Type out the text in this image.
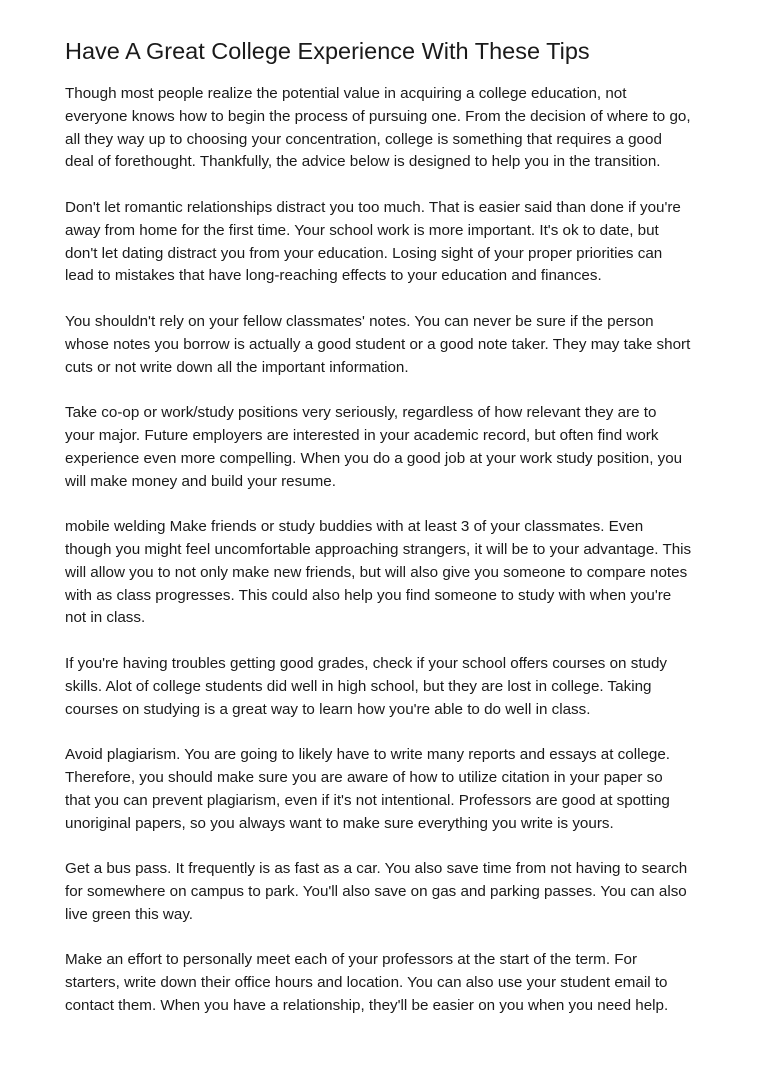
Have A Great College Experience With These Tips

Though most people realize the potential value in acquiring a college education, not
everyone knows how to begin the process of pursuing one. From the decision of where to go,
all they way up to choosing your concentration, college is something that requires a good
deal of forethought. Thankfully, the advice below is designed to help you in the transition.

Don't let romantic relationships distract you too much. That is easier said than done if you're
away from home for the first time. Your school work is more important. It's ok to date, but
don't let dating distract you from your education. Losing sight of your proper priorities can
lead to mistakes that have long-reaching effects to your education and finances.

You shouldn't rely on your fellow classmates' notes. You can never be sure if the person
whose notes you borrow is actually a good student or a good note taker. They may take short
cuts or not write down all the important information.

Take co-op or work/study positions very seriously, regardless of how relevant they are to
your major. Future employers are interested in your academic record, but often find work
experience even more compelling. When you do a good job at your work study position, you
will make money and build your resume.

mobile welding Make friends or study buddies with at least 3 of your classmates. Even
though you might feel uncomfortable approaching strangers, it will be to your advantage. This
will allow you to not only make new friends, but will also give you someone to compare notes
with as class progresses. This could also help you find someone to study with when you're
not in class.

If you're having troubles getting good grades, check if your school offers courses on study
skills. Alot of college students did well in high school, but they are lost in college. Taking
courses on studying is a great way to learn how you're able to do well in class.

Avoid plagiarism. You are going to likely have to write many reports and essays at college.
Therefore, you should make sure you are aware of how to utilize citation in your paper so
that you can prevent plagiarism, even if it's not intentional. Professors are good at spotting
unoriginal papers, so you always want to make sure everything you write is yours.

Get a bus pass. It frequently is as fast as a car. You also save time from not having to search
for somewhere on campus to park. You'll also save on gas and parking passes. You can also
live green this way.

Make an effort to personally meet each of your professors at the start of the term. For
starters, write down their office hours and location. You can also use your student email to
contact them. When you have a relationship, they'll be easier on you when you need help.
